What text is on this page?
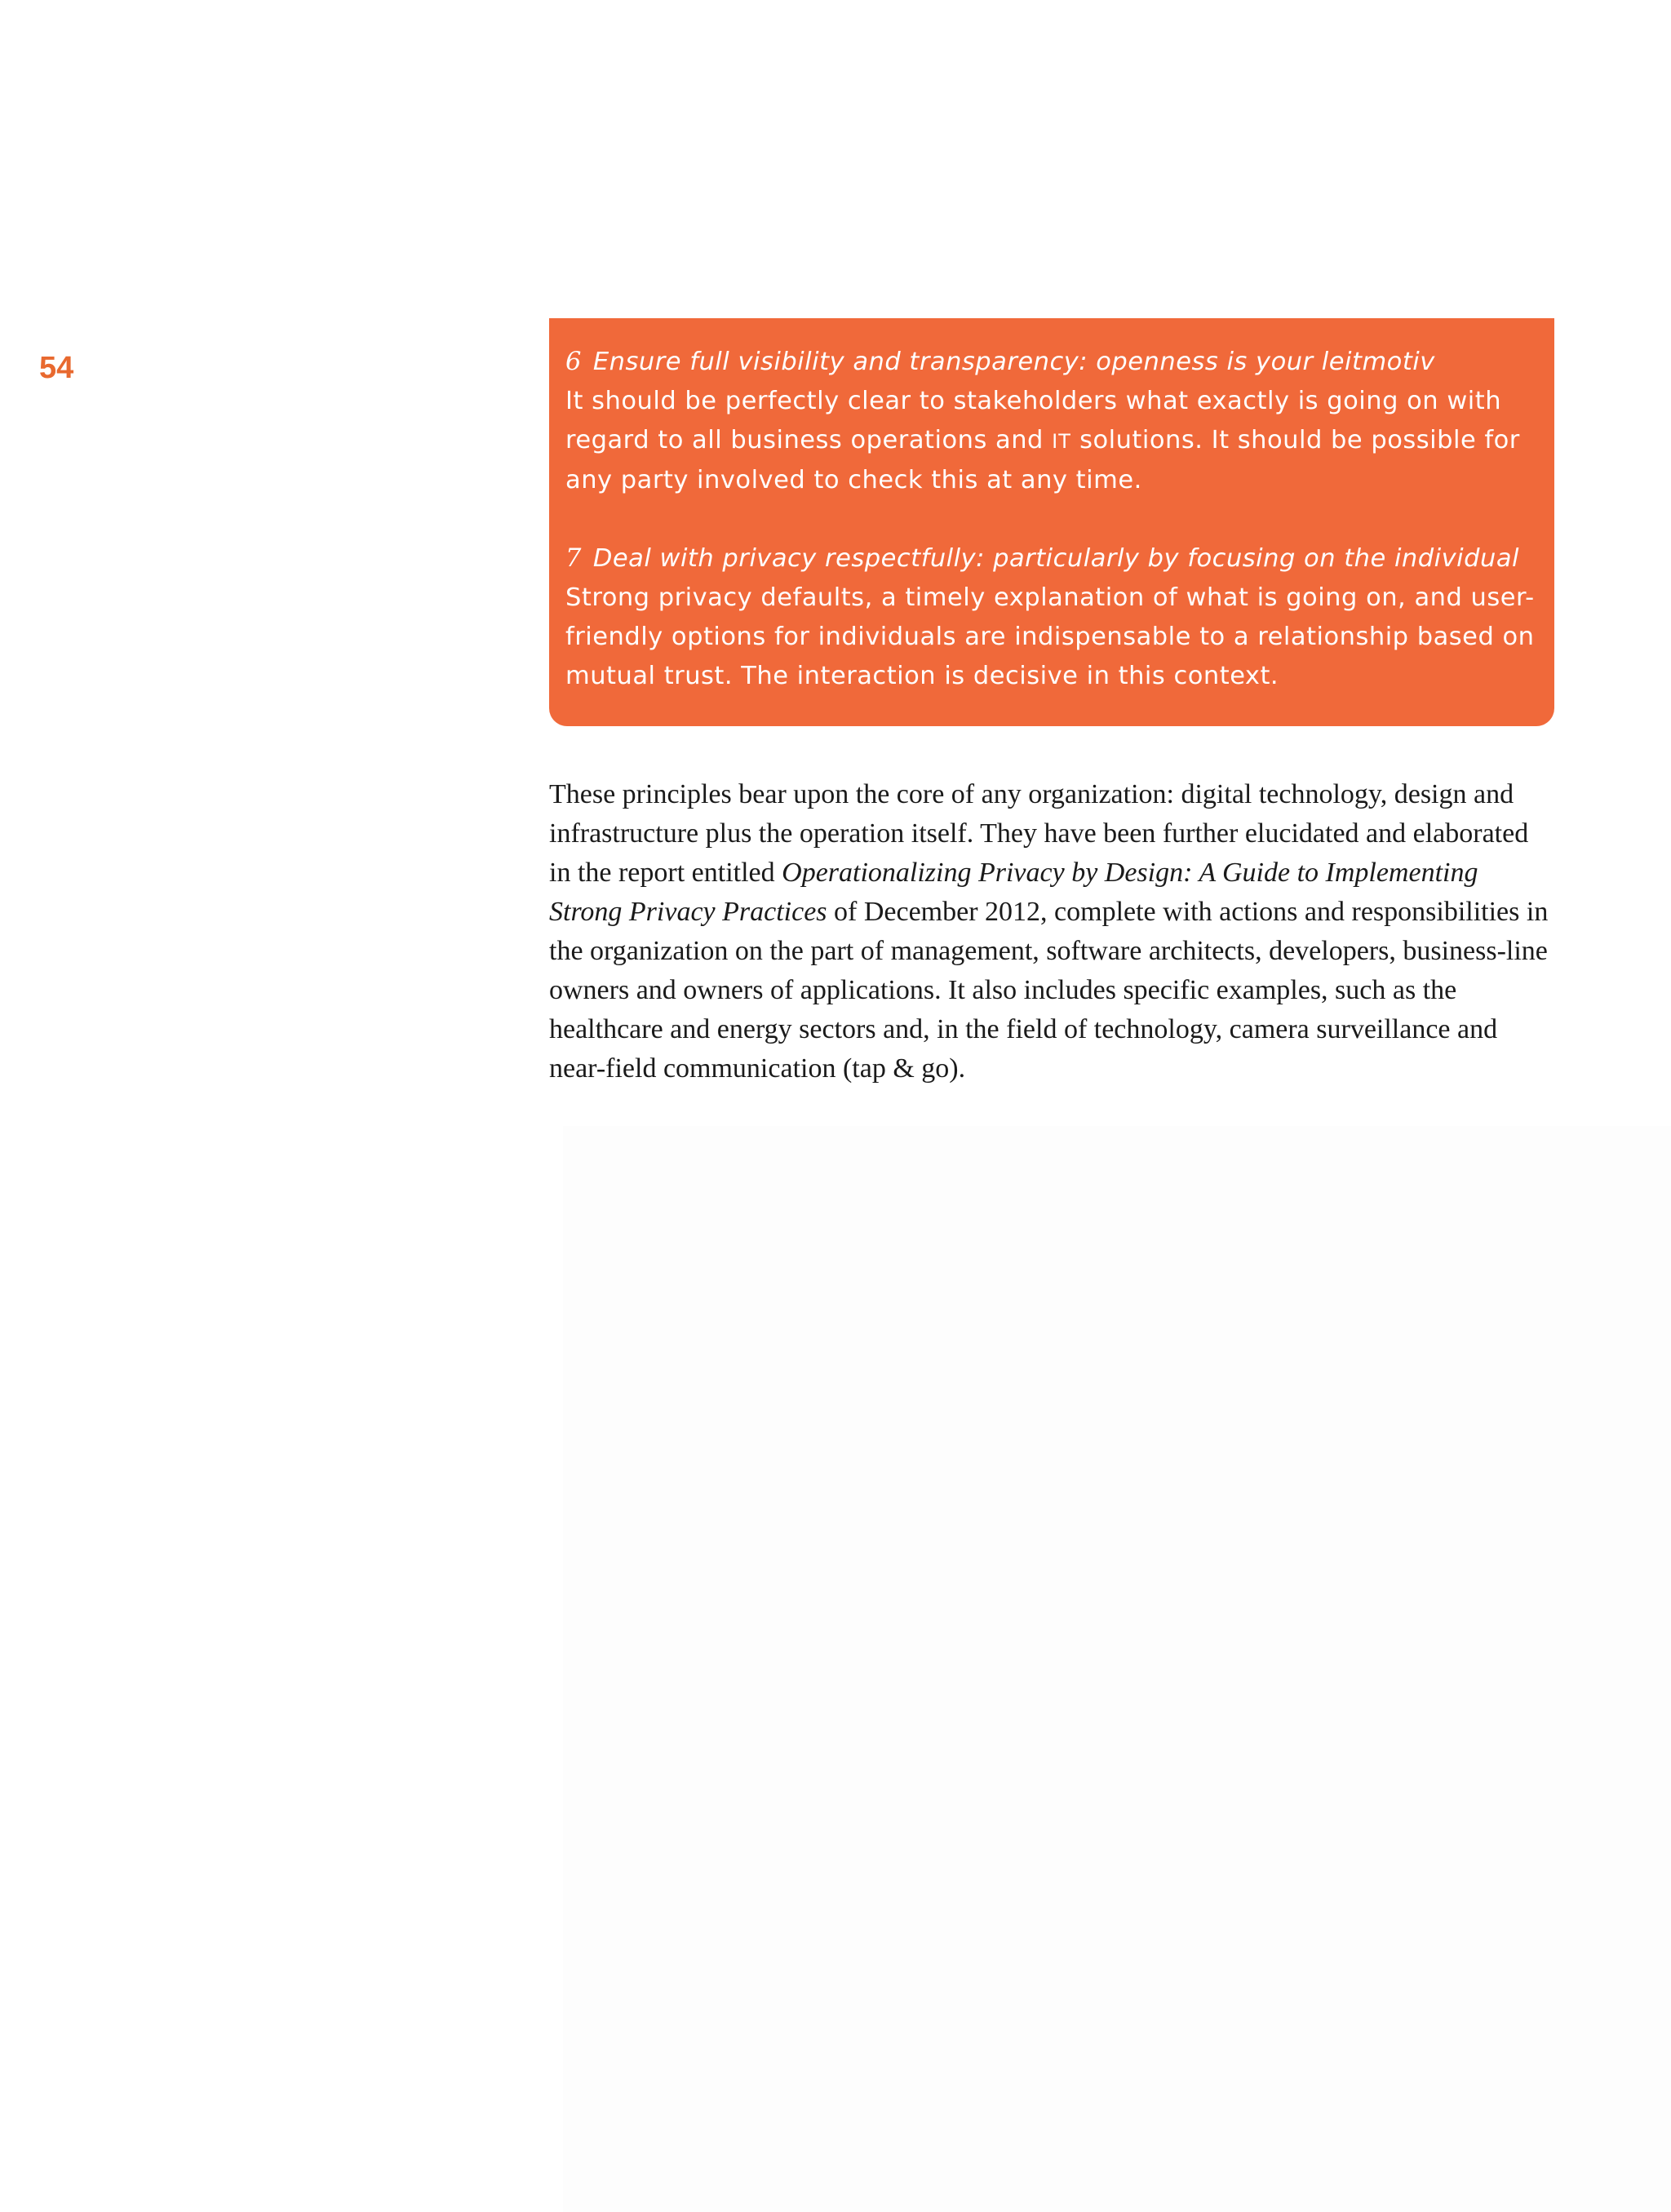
54	6 Ensure full visibility and transparency: openness is your leitmotiv

It should be perfectly clear to stakeholders what exactly is going on with regard to all business operations and IT solutions. It should be possible for any party involved to check this at any time.

7 Deal with privacy respectfully: particularly by focusing on the individual

Strong privacy defaults, a timely explanation of what is going on, and user-friendly options for individuals are indispensable to a relationship based on mutual trust. The interaction is decisive in this context.

These principles bear upon the core of any organization: digital technology, design and infrastructure plus the operation itself. They have been further elucidated and elaborated in the report entitled Operationalizing Privacy by Design: A Guide to Implementing Strong Privacy Practices of December 2012, complete with actions and responsibilities in the organization on the part of management, software architects, developers, business-line owners and owners of applications. It also includes specific examples, such as the healthcare and energy sectors and, in the field of technology, camera surveillance and near-field communication (tap & go).
